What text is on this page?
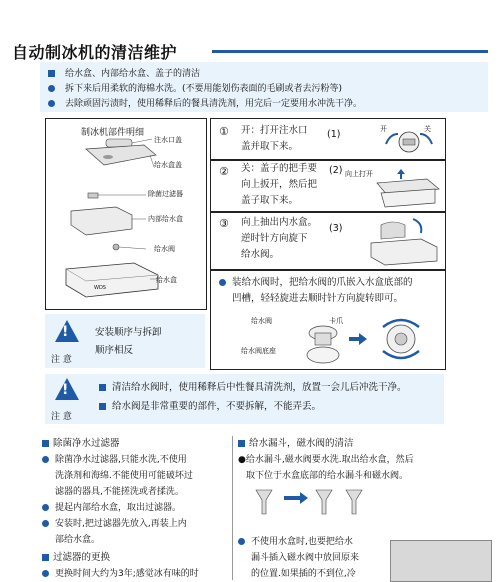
自动制冰机的清洁维护
给水盒、内部给水盒、盖子的清洁
拆下来后用柔软的海棉水洗。(不要用能划伤表面的毛刷或者去污粉等)
去除顽固污渍时，使用稀释后的餐具清洗剂，用完后一定要用水冲洗干净。
制冰机部件明细
注水口盖
给水盒盖
除菌过滤器
内部给水盒
给水阀
给水盒
WDS
① 开：打开注水口
盖并取下来。
(1)	开	关
② 关：盖子的把手要
向上扳开，然后把
盖子取下来。
(2) 向上打开
③ 向上抽出内水盒。
逆时针方向旋下
给水阀。
(3)
装给水阀时，把给水阀的爪嵌入水盒底部的
凹槽，轻轻旋进去顺时针方向旋转即可。
给水阀	卡爪
给水阀底座
!
注 意
安装顺序与拆卸
顺序相反
!
注 意
清洁给水阀时，使用稀释后中性餐具清洗剂，放置一会儿后冲洗干净。
给水阀是非常重要的部件，不要拆解，不能弄丢。
除菌净水过滤器
除菌净水过滤器,只能水洗,不使用
洗涤剂和海绵.不能使用可能破坏过
滤器的器具,不能搓洗或者揉洗。
提起内部给水盒，取出过滤器。
安装时,把过滤器先放入,再装上内
部给水盒。
过滤器的更换
更换时间大约为3年;感觉冰有味的时
给水漏斗，磁水阀的清洁
●给水漏斗,磁水阀要水洗.取出给水盒，然后
取下位于水盒底部的给水漏斗和磁水阀。
不使用水盒时,也要把给水
漏斗插入磁水阀中放回原来
的位置.如果插的不到位,冷
